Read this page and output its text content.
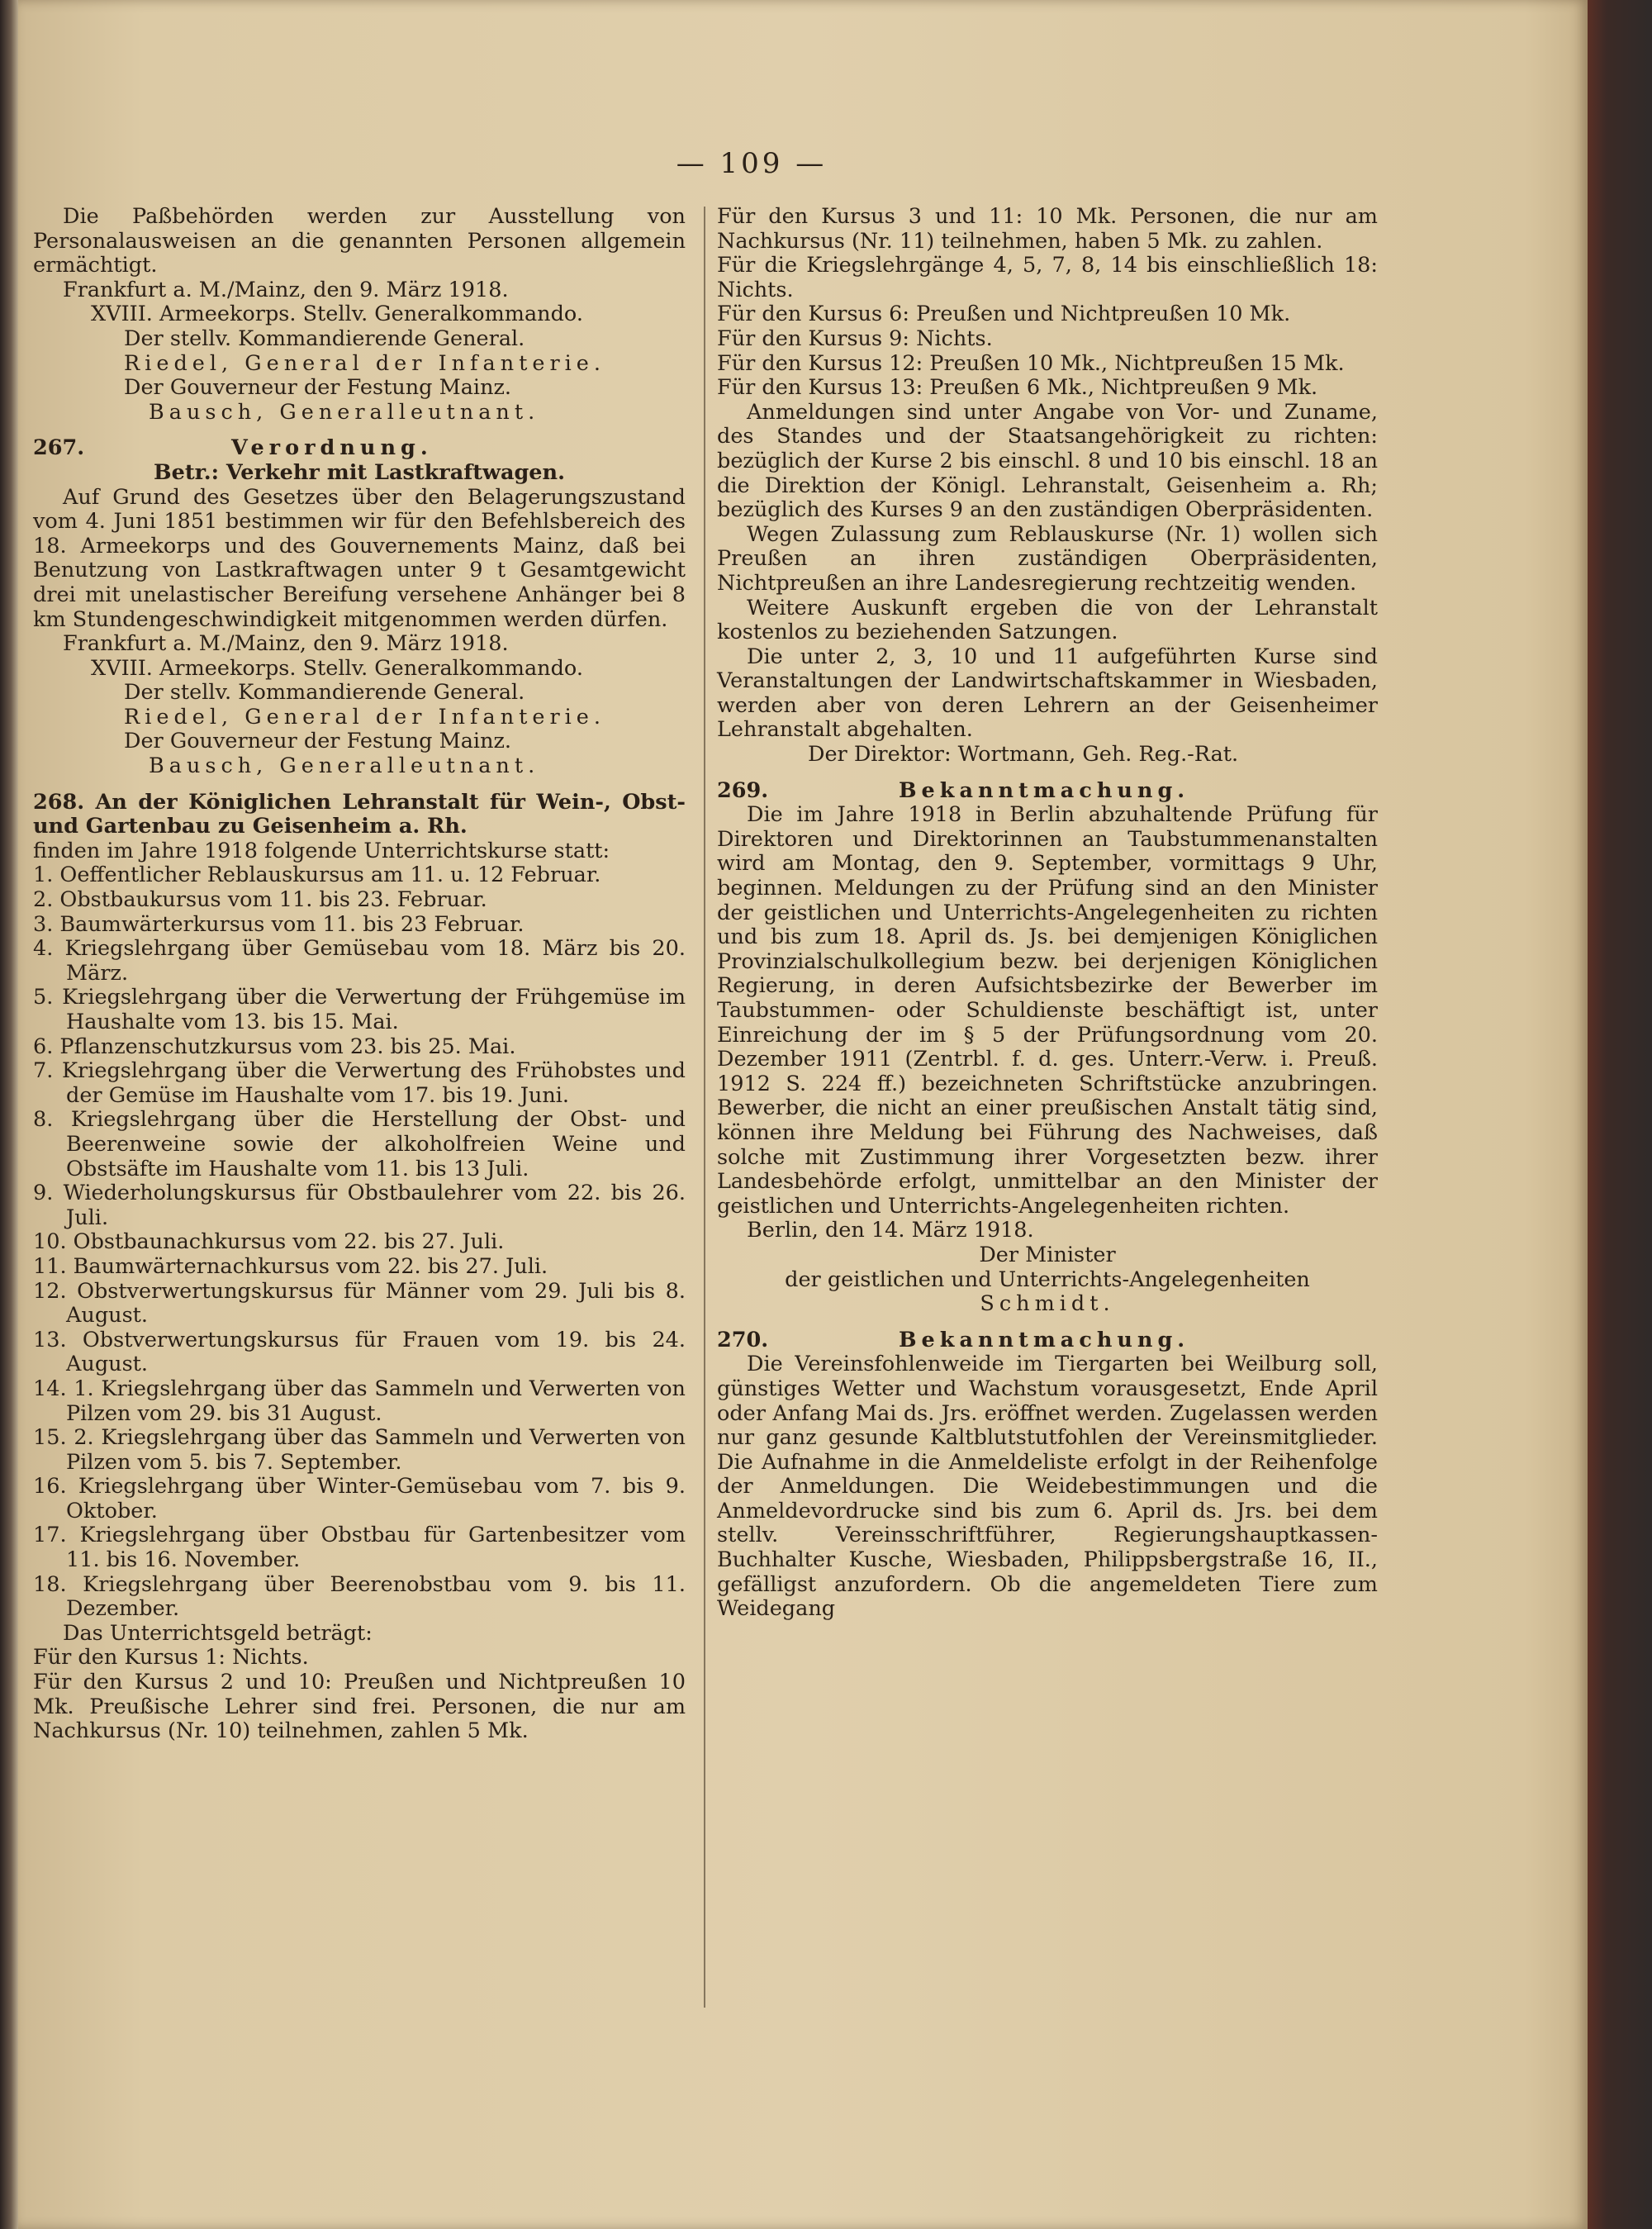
— 109 —

Die Paßbehörden werden zur Ausstellung von Personalausweisen an die genannten Personen allgemein ermächtigt.

Frankfurt a. M./Mainz, den 9. März 1918.

XVIII. Armeekorps. Stellv. Generalkommando.

Der stellv. Kommandierende General.

Riedel, General der Infanterie.

Der Gouverneur der Festung Mainz.

Bausch, Generalleutnant.

267.	Verordnung.

Betr.: Verkehr mit Lastkraftwagen.

Auf Grund des Gesetzes über den Belagerungszustand vom 4. Juni 1851 bestimmen wir für den Befehlsbereich des 18. Armeekorps und des Gouvernements Mainz, daß bei Benutzung von Lastkraftwagen unter 9 t Gesamtgewicht drei mit unelastischer Bereifung versehene Anhänger bei 8 km Stundengeschwindigkeit mitgenommen werden dürfen.

Frankfurt a. M./Mainz, den 9. März 1918.

XVIII. Armeekorps. Stellv. Generalkommando.

Der stellv. Kommandierende General.

Riedel, General der Infanterie.

Der Gouverneur der Festung Mainz.

Bausch, Generalleutnant.

268. An der Königlichen Lehranstalt für Wein-, Obst- und Gartenbau zu Geisenheim a. Rh.

finden im Jahre 1918 folgende Unterrichtskurse statt:

1. Oeffentlicher Reblauskursus am 11. u. 12 Februar.

2. Obstbaukursus vom 11. bis 23. Februar.

3. Baumwärterkursus vom 11. bis 23 Februar.

4. Kriegslehrgang über Gemüsebau vom 18. März bis 20. März.

5. Kriegslehrgang über die Verwertung der Frühgemüse im Haushalte vom 13. bis 15. Mai.

6. Pflanzenschutzkursus vom 23. bis 25. Mai.

7. Kriegslehrgang über die Verwertung des Frühobstes und der Gemüse im Haushalte vom 17. bis 19. Juni.

8. Kriegslehrgang über die Herstellung der Obst- und Beerenweine sowie der alkoholfreien Weine und Obstsäfte im Haushalte vom 11. bis 13 Juli.

9. Wiederholungskursus für Obstbaulehrer vom 22. bis 26. Juli.

10. Obstbaunachkursus vom 22. bis 27. Juli.

11. Baumwärternachkursus vom 22. bis 27. Juli.

12. Obstverwertungskursus für Männer vom 29. Juli bis 8. August.

13. Obstverwertungskursus für Frauen vom 19. bis 24. August.

14. 1. Kriegslehrgang über das Sammeln und Verwerten von Pilzen vom 29. bis 31 August.

15. 2. Kriegslehrgang über das Sammeln und Verwerten von Pilzen vom 5. bis 7. September.

16. Kriegslehrgang über Winter-Gemüsebau vom 7. bis 9. Oktober.

17. Kriegslehrgang über Obstbau für Gartenbesitzer vom 11. bis 16. November.

18. Kriegslehrgang über Beerenobstbau vom 9. bis 11. Dezember.

Das Unterrichtsgeld beträgt:

Für den Kursus 1: Nichts.

Für den Kursus 2 und 10: Preußen und Nichtpreußen 10 Mk. Preußische Lehrer sind frei. Personen, die nur am Nachkursus (Nr. 10) teilnehmen, zahlen 5 Mk.

Für den Kursus 3 und 11: 10 Mk. Personen, die nur am Nachkursus (Nr. 11) teilnehmen, haben 5 Mk. zu zahlen.

Für die Kriegslehrgänge 4, 5, 7, 8, 14 bis einschließlich 18: Nichts.

Für den Kursus 6: Preußen und Nichtpreußen 10 Mk.

Für den Kursus 9: Nichts.

Für den Kursus 12: Preußen 10 Mk., Nichtpreußen 15 Mk.

Für den Kursus 13: Preußen 6 Mk., Nichtpreußen 9 Mk.

Anmeldungen sind unter Angabe von Vor- und Zuname, des Standes und der Staatsangehörigkeit zu richten: bezüglich der Kurse 2 bis einschl. 8 und 10 bis einschl. 18 an die Direktion der Königl. Lehranstalt, Geisenheim a. Rh; bezüglich des Kurses 9 an den zuständigen Oberpräsidenten.

Wegen Zulassung zum Reblauskurse (Nr. 1) wollen sich Preußen an ihren zuständigen Oberpräsidenten, Nichtpreußen an ihre Landesregierung rechtzeitig wenden.

Weitere Auskunft ergeben die von der Lehranstalt kostenlos zu beziehenden Satzungen.

Die unter 2, 3, 10 und 11 aufgeführten Kurse sind Veranstaltungen der Landwirtschaftskammer in Wiesbaden, werden aber von deren Lehrern an der Geisenheimer Lehranstalt abgehalten.

Der Direktor: Wortmann, Geh. Reg.-Rat.

269.	Bekanntmachung.

Die im Jahre 1918 in Berlin abzuhaltende Prüfung für Direktoren und Direktorinnen an Taubstummenanstalten wird am Montag, den 9. September, vormittags 9 Uhr, beginnen. Meldungen zu der Prüfung sind an den Minister der geistlichen und Unterrichts-Angelegenheiten zu richten und bis zum 18. April ds. Js. bei demjenigen Königlichen Provinzialschulkollegium bezw. bei derjenigen Königlichen Regierung, in deren Aufsichtsbezirke der Bewerber im Taubstummen- oder Schuldienste beschäftigt ist, unter Einreichung der im § 5 der Prüfungsordnung vom 20. Dezember 1911 (Zentrbl. f. d. ges. Unterr.-Verw. i. Preuß. 1912 S. 224 ff.) bezeichneten Schriftstücke anzubringen. Bewerber, die nicht an einer preußischen Anstalt tätig sind, können ihre Meldung bei Führung des Nachweises, daß solche mit Zustimmung ihrer Vorgesetzten bezw. ihrer Landesbehörde erfolgt, unmittelbar an den Minister der geistlichen und Unterrichts-Angelegenheiten richten.

Berlin, den 14. März 1918.

Der Minister

der geistlichen und Unterrichts-Angelegenheiten

Schmidt.

270.	Bekanntmachung.

Die Vereinsfohlenweide im Tiergarten bei Weilburg soll, günstiges Wetter und Wachstum vorausgesetzt, Ende April oder Anfang Mai ds. Jrs. eröffnet werden. Zugelassen werden nur ganz gesunde Kaltblutstutfohlen der Vereinsmitglieder. Die Aufnahme in die Anmeldeliste erfolgt in der Reihenfolge der Anmeldungen. Die Weidebestimmungen und die Anmeldevordrucke sind bis zum 6. April ds. Jrs. bei dem stellv. Vereinsschriftführer, Regierungshauptkassen-Buchhalter Kusche, Wiesbaden, Philippsbergstraße 16, II., gefälligst anzufordern. Ob die angemeldeten Tiere zum Weidegang
